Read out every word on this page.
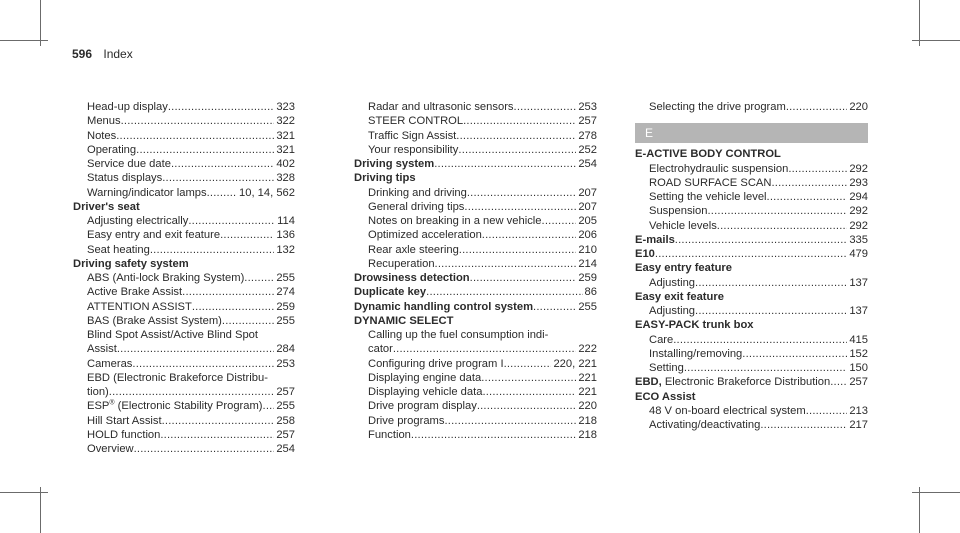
596 Index
Head-up display .....	323
Menus .....	322
Notes .....	321
Operating .....	321
Service due date .....	402
Status displays .....	328
Warning/indicator lamps .....	10, 14, 562
Driver's seat
Adjusting electrically .....	114
Easy entry and exit feature .....	136
Seat heating .....	132
Driving safety system
ABS (Anti-lock Braking System) .....	255
Active Brake Assist .....	274
ATTENTION ASSIST .....	259
BAS (Brake Assist System) .....	255
Blind Spot Assist/Active Blind Spot
Assist .....	284
Cameras .....	253
EBD (Electronic Brakeforce Distribu-
tion) .....	257
ESP® (Electronic Stability Program) ..... 255
Hill Start Assist .....	258
HOLD function .....	257
Overview .....	254
Radar and ultrasonic sensors .....	253
STEER CONTROL .....	257
Traffic Sign Assist .....	278
Your responsibility .....	252
Driving system .....	254
Driving tips
Drinking and driving .....	207
General driving tips .....	207
Notes on breaking in a new vehicle .....	205
Optimized acceleration .....	206
Rear axle steering .....	210
Recuperation .....	214
Drowsiness detection .....	259
Duplicate key .....	86
Dynamic handling control system .....	255
DYNAMIC SELECT
Calling up the fuel consumption indi-
cator .....	222
Configuring drive program I .....	220, 221
Displaying engine data .....	221
Displaying vehicle data .....	221
Drive program display .....	220
Drive programs .....	218
Function .....	218
Selecting the drive program .....	220
E
E-ACTIVE BODY CONTROL
Electrohydraulic suspension .....	292
ROAD SURFACE SCAN .....	293
Setting the vehicle level .....	294
Suspension .....	292
Vehicle levels .....	292
E-mails .....	335
E10 .....	479
Easy entry feature
Adjusting .....	137
Easy exit feature
Adjusting .....	137
EASY-PACK trunk box
Care .....	415
Installing/removing .....	152
Setting .....	150
EBD, Electronic Brakeforce Distribution ..... 257
ECO Assist
48 V on-board electrical system .....	213
Activating/deactivating .....	217
